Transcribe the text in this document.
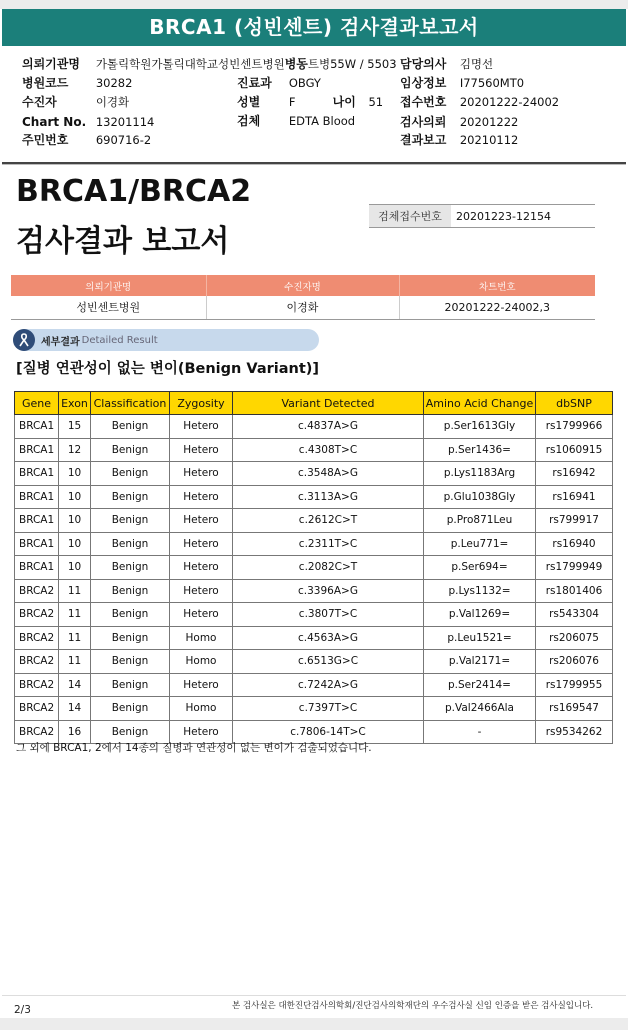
BRCA1 (성빈센트) 검사결과보고서
의뢰기관명 가톨릭학원가톨릭대학교성빈센트병원병동트병55W / 5503 담당의사 김명선
병원코드 30282	진료과 OBGY	임상정보 I77560MT0
수진자	이경화	성별 F	나이 51 접수번호 20201222-24002
Chart No. 13201114	검체 EDTA Blood	검사의뢰 20201222
주민번호 690716-2	결과보고 20210112
BRCA1/BRCA2
검사결과 보고서
검체접수번호	20201223-12154
의뢰기관명	수진자명	차트번호
성빈센트병원	이경화	20201222-24002,3
세부결과 Detailed Result
[질병 연관성이 없는 변이(Benign Variant)]
Gene	Exon	Classification	Zygosity	Variant Detected	Amino Acid Change	dbSNP
BRCA1	15	Benign	Hetero	c.4837A>G	p.Ser1613Gly	rs1799966
BRCA1	12	Benign	Hetero	c.4308T>C	p.Ser1436=	rs1060915
BRCA1	10	Benign	Hetero	c.3548A>G	p.Lys1183Arg	rs16942
BRCA1	10	Benign	Hetero	c.3113A>G	p.Glu1038Gly	rs16941
BRCA1	10	Benign	Hetero	c.2612C>T	p.Pro871Leu	rs799917
BRCA1	10	Benign	Hetero	c.2311T>C	p.Leu771=	rs16940
BRCA1	10	Benign	Hetero	c.2082C>T	p.Ser694=	rs1799949
BRCA2	11	Benign	Hetero	c.3396A>G	p.Lys1132=	rs1801406
BRCA2	11	Benign	Hetero	c.3807T>C	p.Val1269=	rs543304
BRCA2	11	Benign	Homo	c.4563A>G	p.Leu1521=	rs206075
BRCA2	11	Benign	Homo	c.6513G>C	p.Val2171=	rs206076
BRCA2	14	Benign	Hetero	c.7242A>G	p.Ser2414=	rs1799955
BRCA2	14	Benign	Homo	c.7397T>C	p.Val2466Ala	rs169547
BRCA2	16	Benign	Hetero	c.7806-14T>C	-	rs9534262
그 외에 BRCA1, 2에서 14종의 질병과 연관성이 없는 변이가 검출되었습니다.
2/3	본 검사실은 대한진단검사의학회/진단검사의학재단의 우수검사실 신임 인증을 받은 검사실입니다.
